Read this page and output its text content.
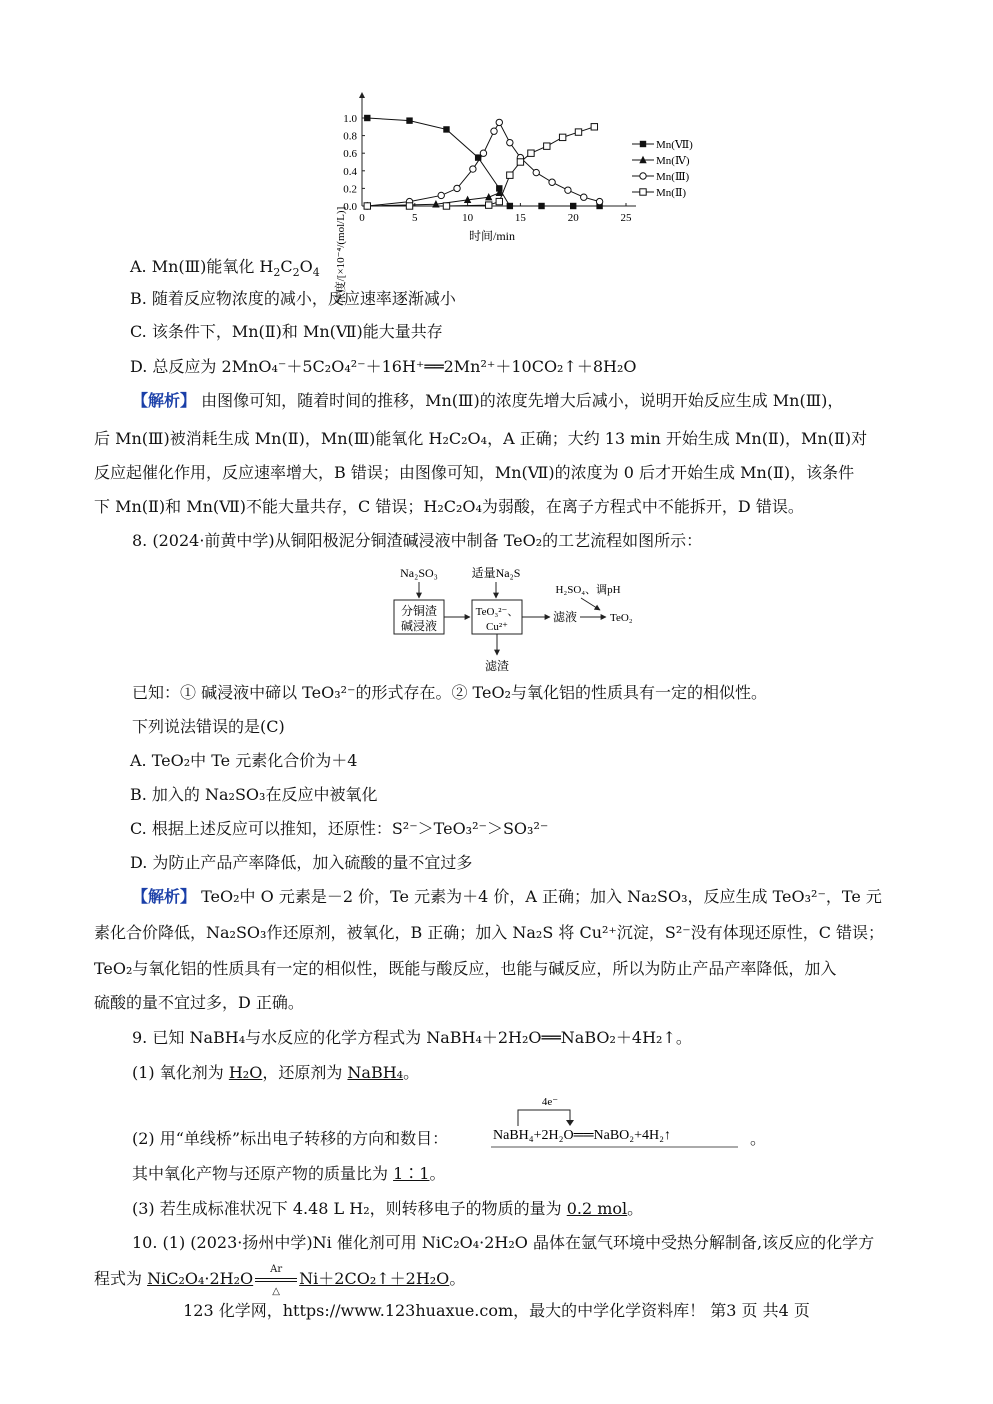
0.0
0.2
0.4
0.6
0.8
1.0
0	5	10	15	20	25
Mn(Ⅶ)
Mn(Ⅳ)
Mn(Ⅲ)
Mn(Ⅱ)
浓度/[×10⁻⁴/(mol/L)]	时间/min
A. Mn(Ⅲ)能氧化 $H_2C_2O_4$
B. 随着反应物浓度的减小，反应速率逐渐减小
C. 该条件下，Mn(Ⅱ)和 Mn(Ⅶ)能大量共存
D. 总反应为 2MnO₄⁻＋5C₂O₄²⁻＋16H⁺══2Mn²⁺＋10CO₂↑＋8H₂O
【解析】 由图像可知，随着时间的推移，Mn(Ⅲ)的浓度先增大后减小，说明开始反应生成 Mn(Ⅲ)，
后 Mn(Ⅲ)被消耗生成 Mn(Ⅱ)，Mn(Ⅲ)能氧化 H₂C₂O₄，A 正确；大约 13 min 开始生成 Mn(Ⅱ)，Mn(Ⅱ)对
反应起催化作用，反应速率增大，B 错误；由图像可知，Mn(Ⅶ)的浓度为 0 后才开始生成 Mn(Ⅱ)，该条件
下 Mn(Ⅱ)和 Mn(Ⅶ)不能大量共存，C 错误；H₂C₂O₄为弱酸，在离子方程式中不能拆开，D 错误。
8. (2024·前黄中学)从铜阳极泥分铜渣碱浸液中制备 TeO₂的工艺流程如图所示：
Na₂SO₃
分铜渣
碱浸液
适量Na₂S
TeO₃²⁻、
Cu²⁺
滤渣
滤液
H₂SO₄、调pH
TeO₂
已知：① 碱浸液中碲以 TeO₃²⁻的形式存在。② TeO₂与氧化铝的性质具有一定的相似性。
下列说法错误的是(C)
A. TeO₂中 Te 元素化合价为＋4
B. 加入的 Na₂SO₃在反应中被氧化
C. 根据上述反应可以推知，还原性：S²⁻＞TeO₃²⁻＞SO₃²⁻
D. 为防止产品产率降低，加入硫酸的量不宜过多
【解析】 TeO₂中 O 元素是－2 价，Te 元素为＋4 价，A 正确；加入 Na₂SO₃，反应生成 TeO₃²⁻，Te 元
素化合价降低，Na₂SO₃作还原剂，被氧化，B 正确；加入 Na₂S 将 Cu²⁺沉淀，S²⁻没有体现还原性，C 错误；
TeO₂与氧化铝的性质具有一定的相似性，既能与酸反应，也能与碱反应，所以为防止产品产率降低，加入
硫酸的量不宜过多，D 正确。
9. 已知 NaBH₄与水反应的化学方程式为 NaBH₄＋2H₂O══NaBO₂＋4H₂↑。
(1) 氧化剂为 H₂O，还原剂为 NaBH₄。
(2) 用“单线桥”标出电子转移的方向和数目：
4e⁻
NaBH₄+2H₂O══NaBO₂+4H₂↑	。
其中氧化产物与还原产物的质量比为 1∶1。
(3) 若生成标准状况下 4.48 L H₂，则转移电子的物质的量为 0.2 mol。
10. (1) (2023·扬州中学)Ni 催化剂可用 NiC₂O₄·2H₂O 晶体在氩气环境中受热分解制备,该反应的化学方
程式为 NiC₂O₄·2H₂O	Ar
△
Ni＋2CO₂↑＋2H₂O。
123 化学网，https://www.123huaxue.com，最大的中学化学资料库！ 第3 页 共4 页
